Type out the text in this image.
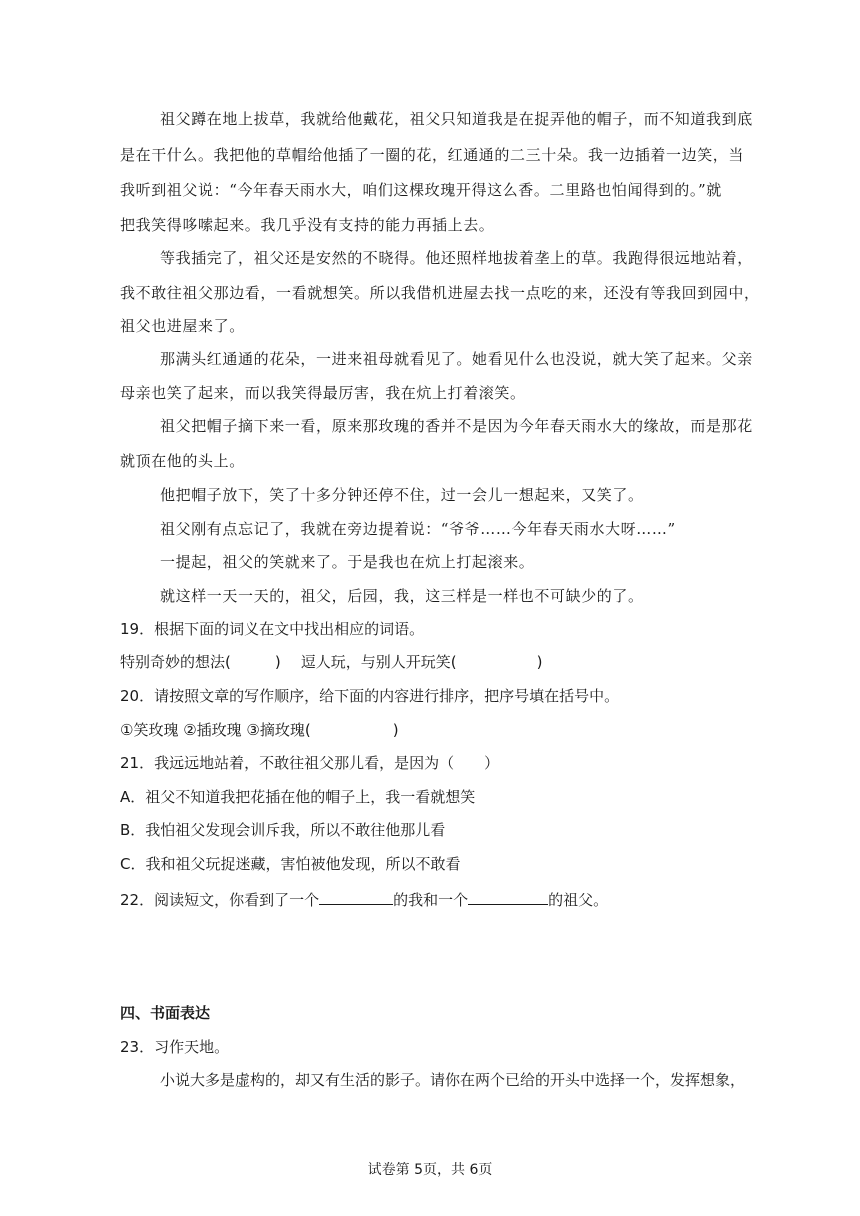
祖父蹲在地上拔草，我就给他戴花，祖父只知道我是在捉弄他的帽子，而不知道我到底
是在干什么。我把他的草帽给他插了一圈的花，红通通的二三十朵。我一边插着一边笑，当
我听到祖父说：“今年春天雨水大，咱们这棵玫瑰开得这么香。二里路也怕闻得到的。”就
把我笑得哆嗦起来。我几乎没有支持的能力再插上去。
等我插完了，祖父还是安然的不晓得。他还照样地拔着垄上的草。我跑得很远地站着，
我不敢往祖父那边看，一看就想笑。所以我借机进屋去找一点吃的来，还没有等我回到园中，
祖父也进屋来了。
那满头红通通的花朵，一进来祖母就看见了。她看见什么也没说，就大笑了起来。父亲
母亲也笑了起来，而以我笑得最厉害，我在炕上打着滚笑。
祖父把帽子摘下来一看，原来那玫瑰的香并不是因为今年春天雨水大的缘故，而是那花
就顶在他的头上。
他把帽子放下，笑了十多分钟还停不住，过一会儿一想起来，又笑了。
祖父刚有点忘记了，我就在旁边提着说：“爷爷……今年春天雨水大呀……”
一提起，祖父的笑就来了。于是我也在炕上打起滚来。
就这样一天一天的，祖父，后园，我，这三样是一样也不可缺少的了。
19．根据下面的词义在文中找出相应的词语。
特别奇妙的想法(	) 逗人玩，与别人开玩笑(	)
20．请按照文章的写作顺序，给下面的内容进行排序，把序号填在括号中。
①笑玫瑰 ②插玫瑰 ③摘玫瑰(	)
21．我远远地站着，不敢往祖父那儿看，是因为（ ）
A．祖父不知道我把花插在他的帽子上，我一看就想笑
B．我怕祖父发现会训斥我，所以不敢往他那儿看
C．我和祖父玩捉迷藏，害怕被他发现，所以不敢看
22．阅读短文，你看到了一个	的我和一个	的祖父。
四、书面表达
23．习作天地。
小说大多是虚构的，却又有生活的影子。请你在两个已给的开头中选择一个，发挥想象，
试卷第 5页，共 6页
